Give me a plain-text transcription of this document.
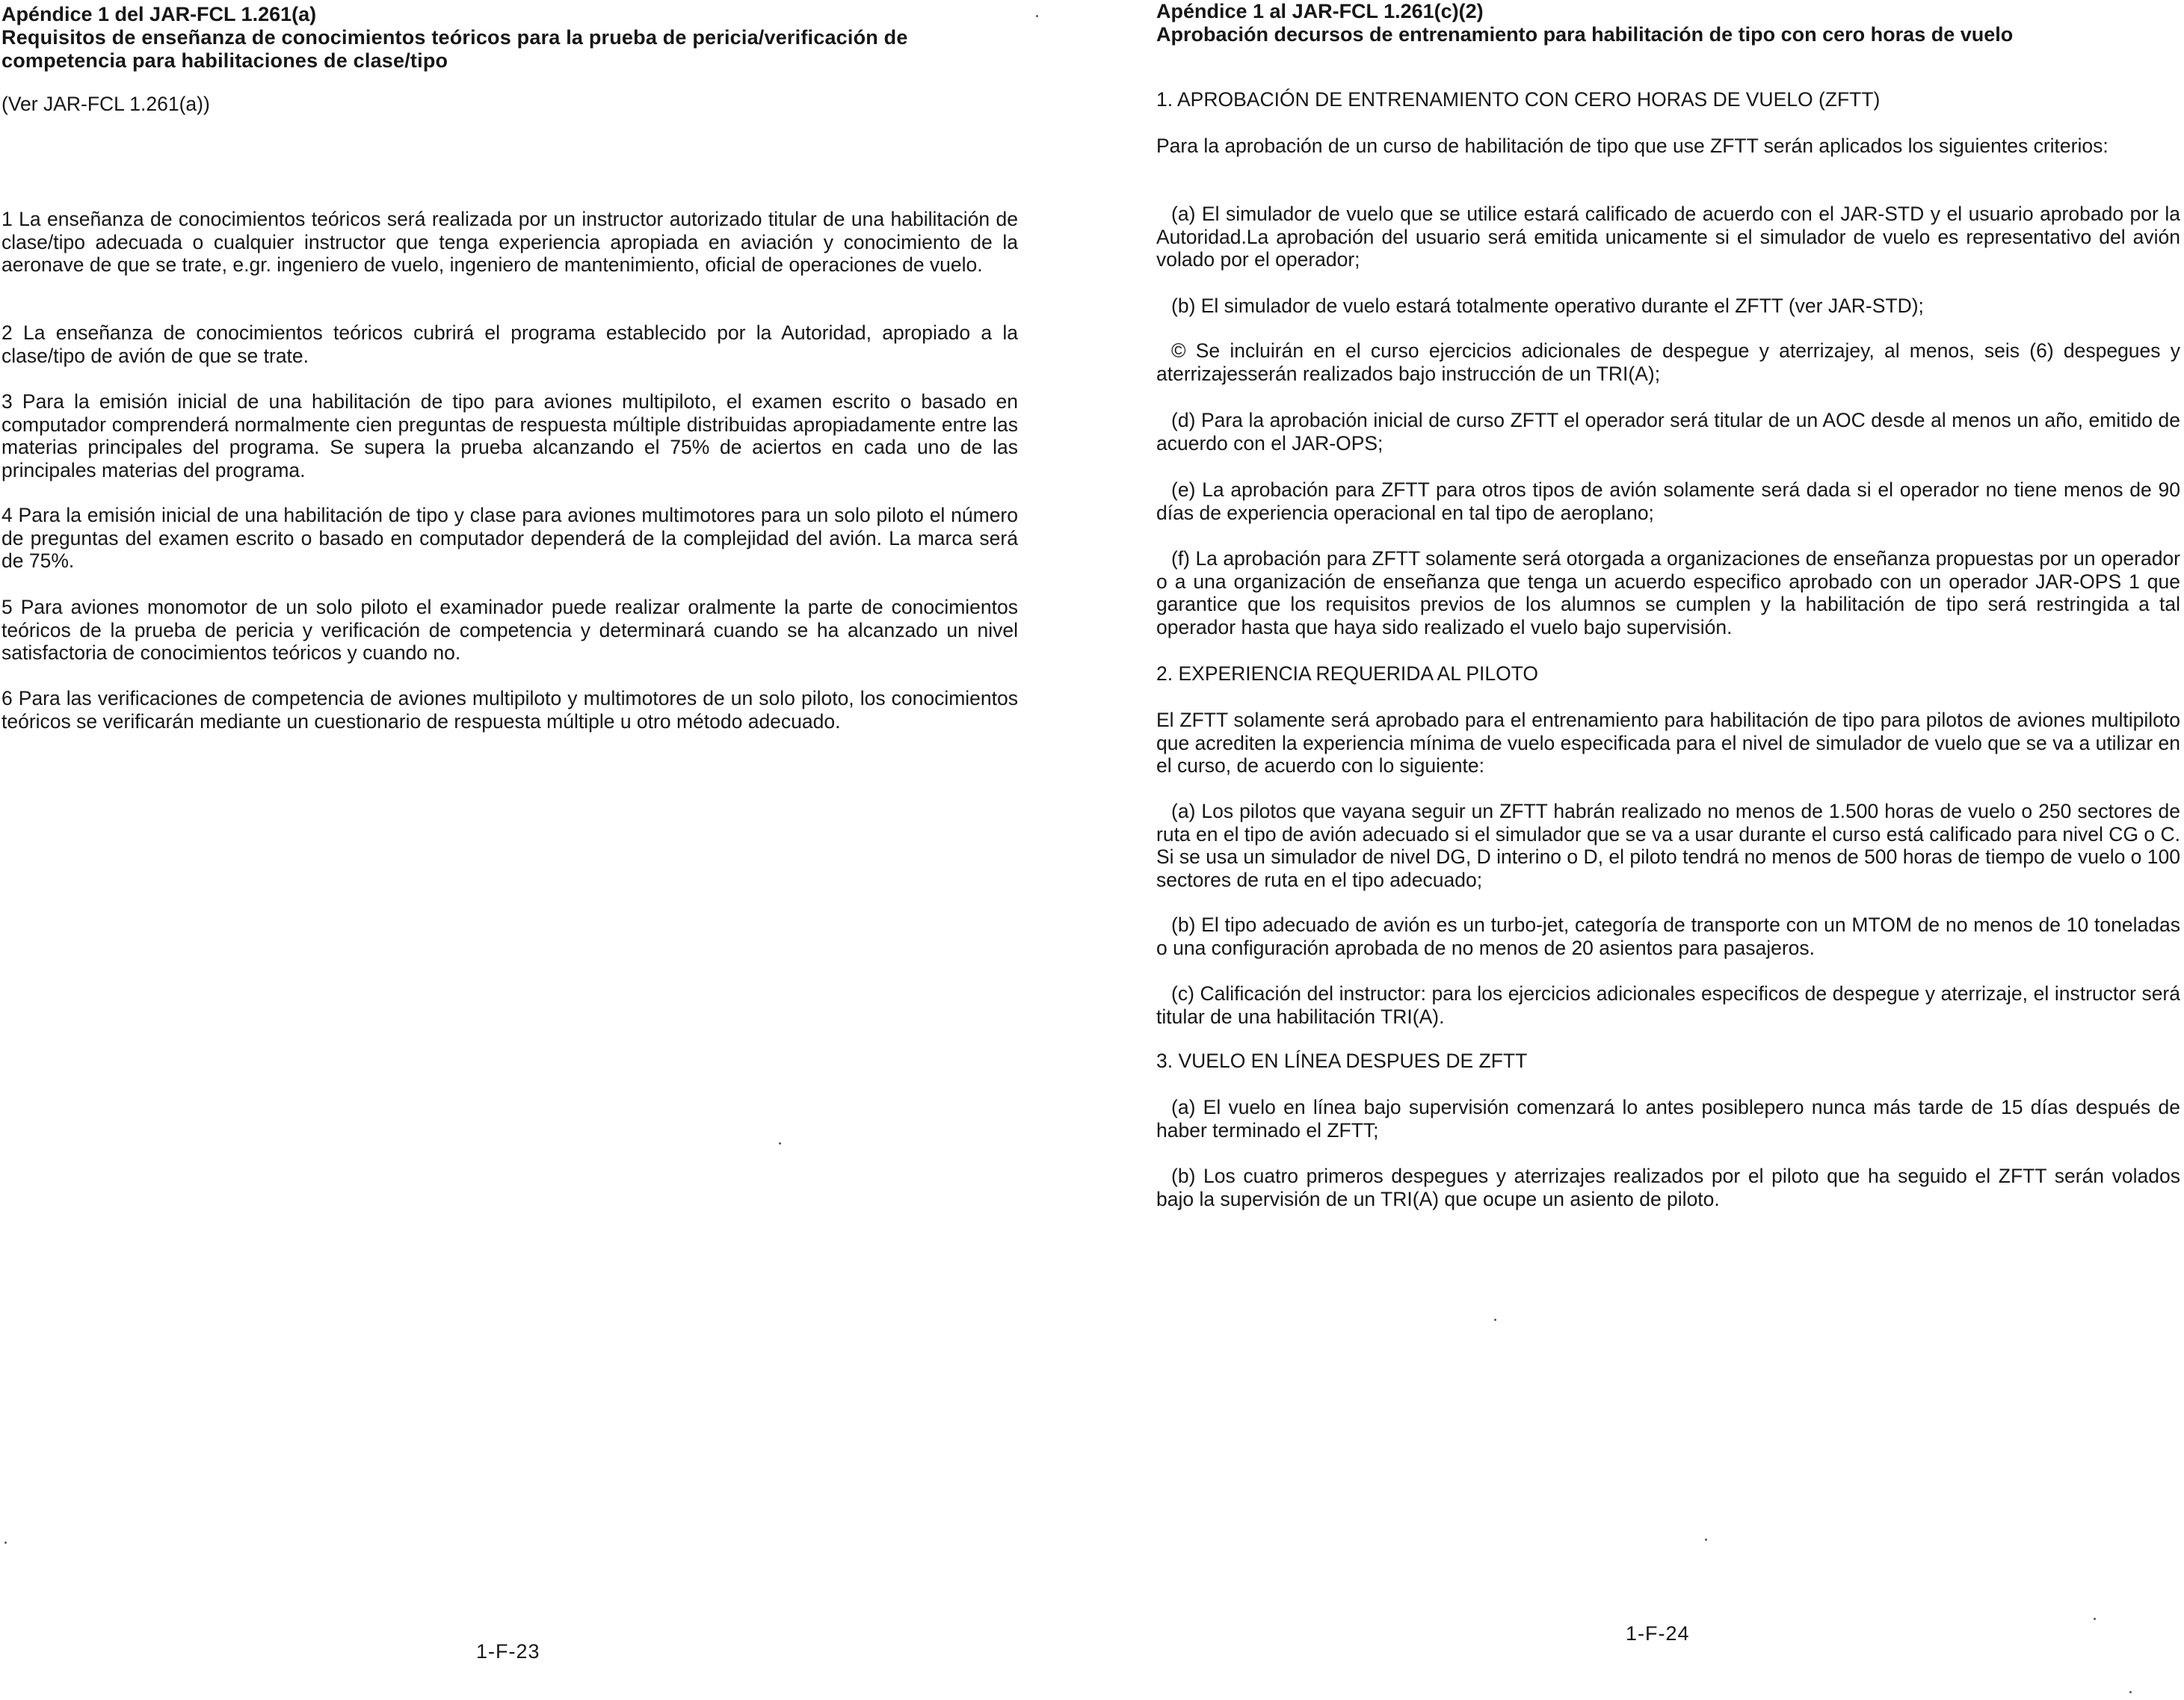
Apéndice 1 del JAR-FCL 1.261(a)
Requisitos de enseñanza de conocimientos teóricos para la prueba de pericia/verificación de competencia para habilitaciones de clase/tipo

(Ver JAR-FCL 1.261(a))

1 La enseñanza de conocimientos teóricos será realizada por un instructor autorizado titular de una habilitación de clase/tipo adecuada o cualquier instructor que tenga experiencia apropiada en aviación y conocimiento de la aeronave de que se trate, e.gr. ingeniero de vuelo, ingeniero de mantenimiento, oficial de operaciones de vuelo.

2 La enseñanza de conocimientos teóricos cubrirá el programa establecido por la Autoridad, apropiado a la clase/tipo de avión de que se trate.

3 Para la emisión inicial de una habilitación de tipo para aviones multipiloto, el examen escrito o basado en computador comprenderá normalmente cien preguntas de respuesta múltiple distribuidas apropiadamente entre las materias principales del programa. Se supera la prueba alcanzando el 75% de aciertos en cada uno de las principales materias del programa.

4 Para la emisión inicial de una habilitación de tipo y clase para aviones multimotores para un solo piloto el número de preguntas del examen escrito o basado en computador dependerá de la complejidad del avión. La marca será de 75%.

5 Para aviones monomotor de un solo piloto el examinador puede realizar oralmente la parte de conocimientos teóricos de la prueba de pericia y verificación de competencia y determinará cuando se ha alcanzado un nivel satisfactoria de conocimientos teóricos y cuando no.

6 Para las verificaciones de competencia de aviones multipiloto y multimotores de un solo piloto, los conocimientos teóricos se verificarán mediante un cuestionario de respuesta múltiple u otro método adecuado.

1-F-23
Apéndice 1 al JAR-FCL 1.261(c)(2)
Aprobación decursos de entrenamiento para habilitación de tipo con cero horas de vuelo

1. APROBACIÓN DE ENTRENAMIENTO CON CERO HORAS DE VUELO (ZFTT)

Para la aprobación de un curso de habilitación de tipo que use ZFTT serán aplicados los siguientes criterios:

(a) El simulador de vuelo que se utilice estará calificado de acuerdo con el JAR-STD y el usuario aprobado por la Autoridad.La aprobación del usuario será emitida unicamente si el simulador de vuelo es representativo del avión volado por el operador;

(b) El simulador de vuelo estará totalmente operativo durante el ZFTT (ver JAR-STD);

© Se incluirán en el curso ejercicios adicionales de despegue y aterrizajey, al menos, seis (6) despegues y aterrizajesserán realizados bajo instrucción de un TRI(A);

(d) Para la aprobación inicial de curso ZFTT el operador será titular de un AOC desde al menos un año, emitido de acuerdo con el JAR-OPS;

(e) La aprobación para ZFTT para otros tipos de avión solamente será dada si el operador no tiene menos de 90 días de experiencia operacional en tal tipo de aeroplano;

(f) La aprobación para ZFTT solamente será otorgada a organizaciones de enseñanza propuestas por un operador o a una organización de enseñanza que tenga un acuerdo especifico aprobado con un operador JAR-OPS 1 que garantice que los requisitos previos de los alumnos se cumplen y la habilitación de tipo será restringida a tal operador hasta que haya sido realizado el vuelo bajo supervisión.

2. EXPERIENCIA REQUERIDA AL PILOTO

El ZFTT solamente será aprobado para el entrenamiento para habilitación de tipo para pilotos de aviones multipiloto que acrediten la experiencia mínima de vuelo especificada para el nivel de simulador de vuelo que se va a utilizar en el curso, de acuerdo con lo siguiente:

(a) Los pilotos que vayana seguir un ZFTT habrán realizado no menos de 1.500 horas de vuelo o 250 sectores de ruta en el tipo de avión adecuado si el simulador que se va a usar durante el curso está calificado para nivel CG o C. Si se usa un simulador de nivel DG, D interino o D, el piloto tendrá no menos de 500 horas de tiempo de vuelo o 100 sectores de ruta en el tipo adecuado;

(b) El tipo adecuado de avión es un turbo-jet, categoría de transporte con un MTOM de no menos de 10 toneladas o una configuración aprobada de no menos de 20 asientos para pasajeros.

(c) Calificación del instructor: para los ejercicios adicionales especificos de despegue y aterrizaje, el instructor será titular de una habilitación TRI(A).

3. VUELO EN LÍNEA DESPUES DE ZFTT

(a) El vuelo en línea bajo supervisión comenzará lo antes posiblepero nunca más tarde de 15 días después de haber terminado el ZFTT;

(b) Los cuatro primeros despegues y aterrizajes realizados por el piloto que ha seguido el ZFTT serán volados bajo la supervisión de un TRI(A) que ocupe un asiento de piloto.

1-F-24
